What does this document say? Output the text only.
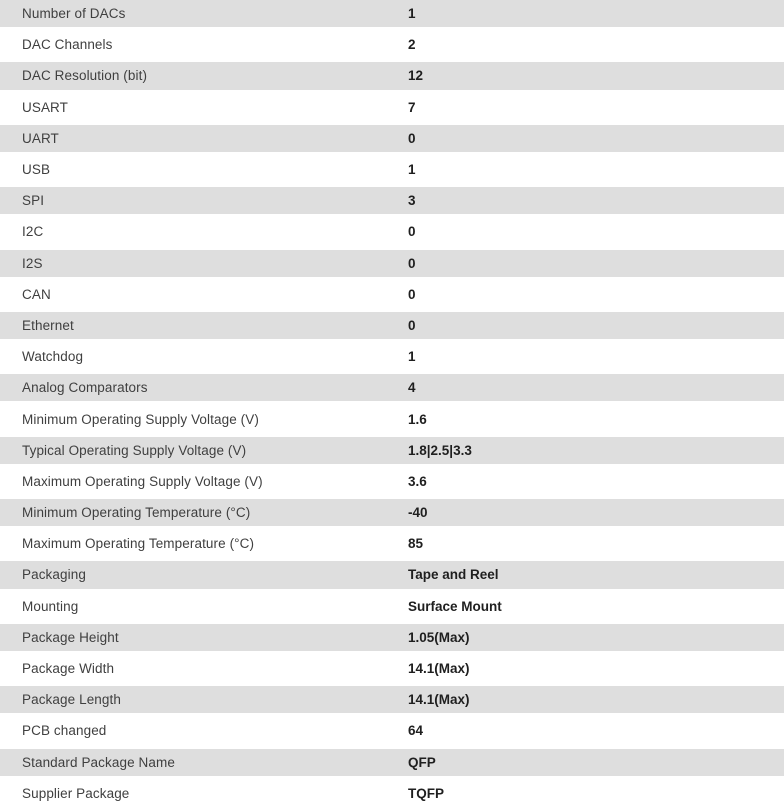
Number of DACs	1
DAC Channels	2
DAC Resolution (bit)	12
USART	7
UART	0
USB	1
SPI	3
I2C	0
I2S	0
CAN	0
Ethernet	0
Watchdog	1
Analog Comparators	4
Minimum Operating Supply Voltage (V)	1.6
Typical Operating Supply Voltage (V)	1.8|2.5|3.3
Maximum Operating Supply Voltage (V)	3.6
Minimum Operating Temperature (°C)	-40
Maximum Operating Temperature (°C)	85
Packaging	Tape and Reel
Mounting	Surface Mount
Package Height	1.05(Max)
Package Width	14.1(Max)
Package Length	14.1(Max)
PCB changed	64
Standard Package Name	QFP
Supplier Package	TQFP
